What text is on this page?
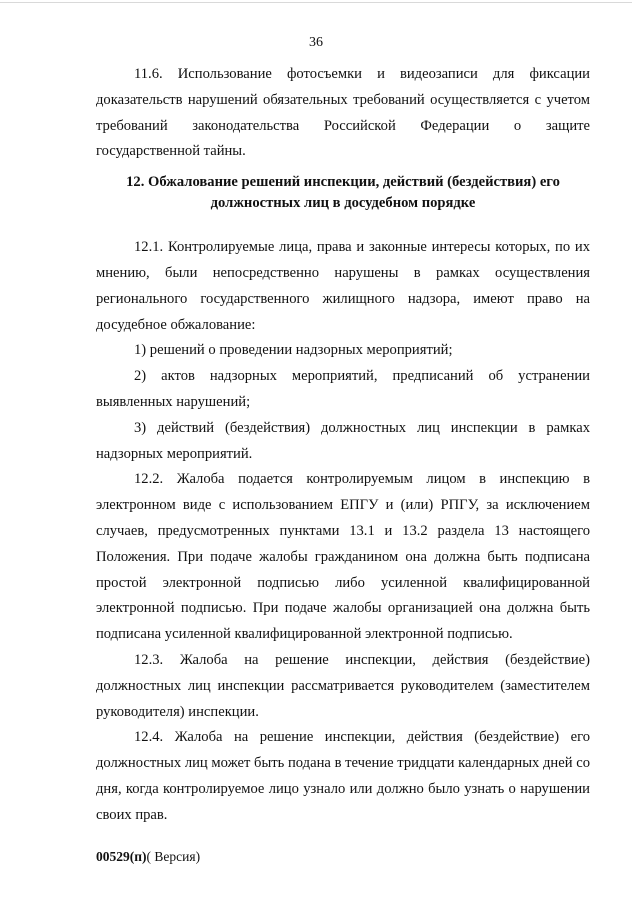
36

11.6. Использование фотосъемки и видеозаписи для фиксации доказательств нарушений обязательных требований осуществляется с учетом требований законодательства Российской Федерации о защите государственной тайны.

12. Обжалование решений инспекции, действий (бездействия) его должностных лиц в досудебном порядке

12.1. Контролируемые лица, права и законные интересы которых, по их мнению, были непосредственно нарушены в рамках осуществления регионального государственного жилищного надзора, имеют право на досудебное обжалование:

1) решений о проведении надзорных мероприятий;

2) актов надзорных мероприятий, предписаний об устранении выявленных нарушений;

3) действий (бездействия) должностных лиц инспекции в рамках надзорных мероприятий.

12.2. Жалоба подается контролируемым лицом в инспекцию в электронном виде с использованием ЕПГУ и (или) РПГУ, за исключением случаев, предусмотренных пунктами 13.1 и 13.2 раздела 13 настоящего Положения. При подаче жалобы гражданином она должна быть подписана простой электронной подписью либо усиленной квалифицированной электронной подписью. При подаче жалобы организацией она должна быть подписана усиленной квалифицированной электронной подписью.

12.3. Жалоба на решение инспекции, действия (бездействие) должностных лиц инспекции рассматривается руководителем (заместителем руководителя) инспекции.

12.4. Жалоба на решение инспекции, действия (бездействие) его должностных лиц может быть подана в течение тридцати календарных дней со дня, когда контролируемое лицо узнало или должно было узнать о нарушении своих прав.

00529(п)( Версия)
